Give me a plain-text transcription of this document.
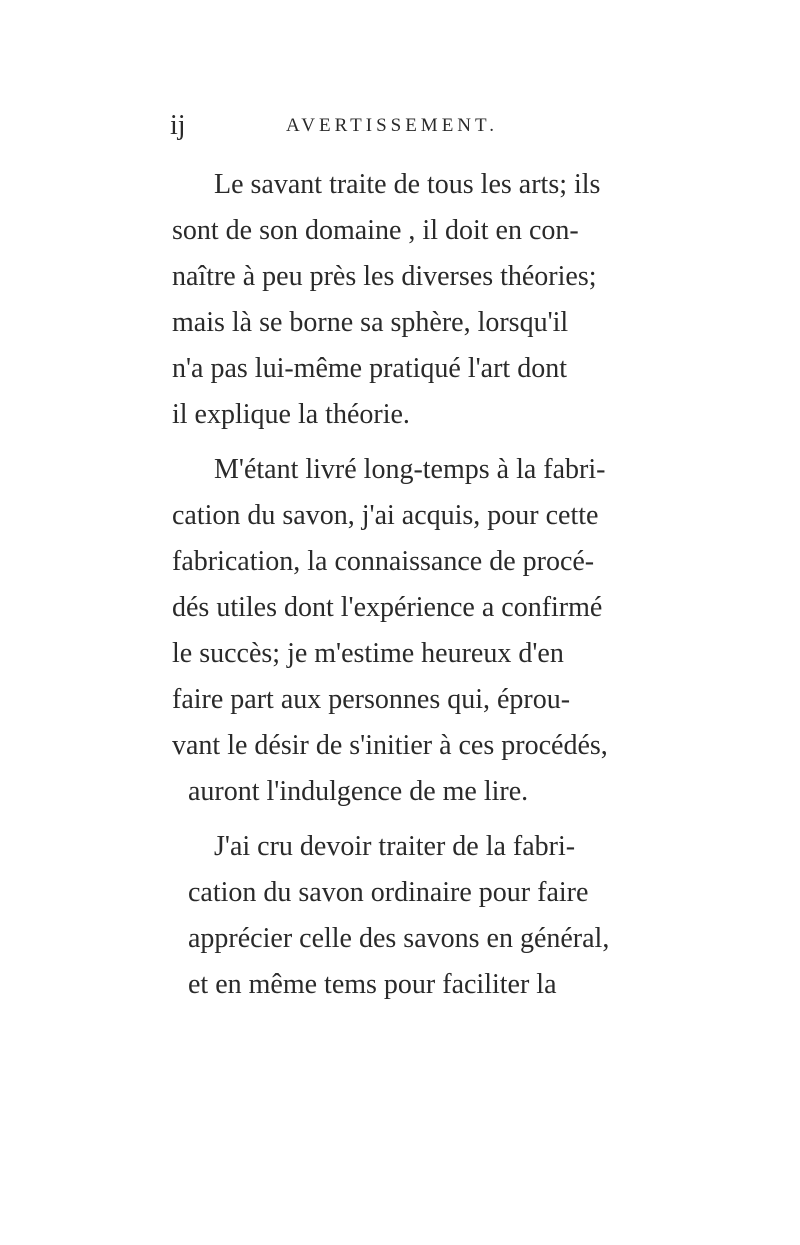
ij	AVERTISSEMENT.

Le savant traite de tous les arts; ils
sont de son domaine , il doit en con-
naître à peu près les diverses théories;
mais là se borne sa sphère, lorsqu'il
n'a pas lui-même pratiqué l'art dont
il explique la théorie.

M'étant livré long-temps à la fabri-
cation du savon, j'ai acquis, pour cette
fabrication, la connaissance de procé-
dés utiles dont l'expérience a confirmé
le succès; je m'estime heureux d'en
faire part aux personnes qui, éprou-
vant le désir de s'initier à ces procédés,
auront l'indulgence de me lire.

J'ai cru devoir traiter de la fabri-
cation du savon ordinaire pour faire
apprécier celle des savons en général,
et en même tems pour faciliter la
